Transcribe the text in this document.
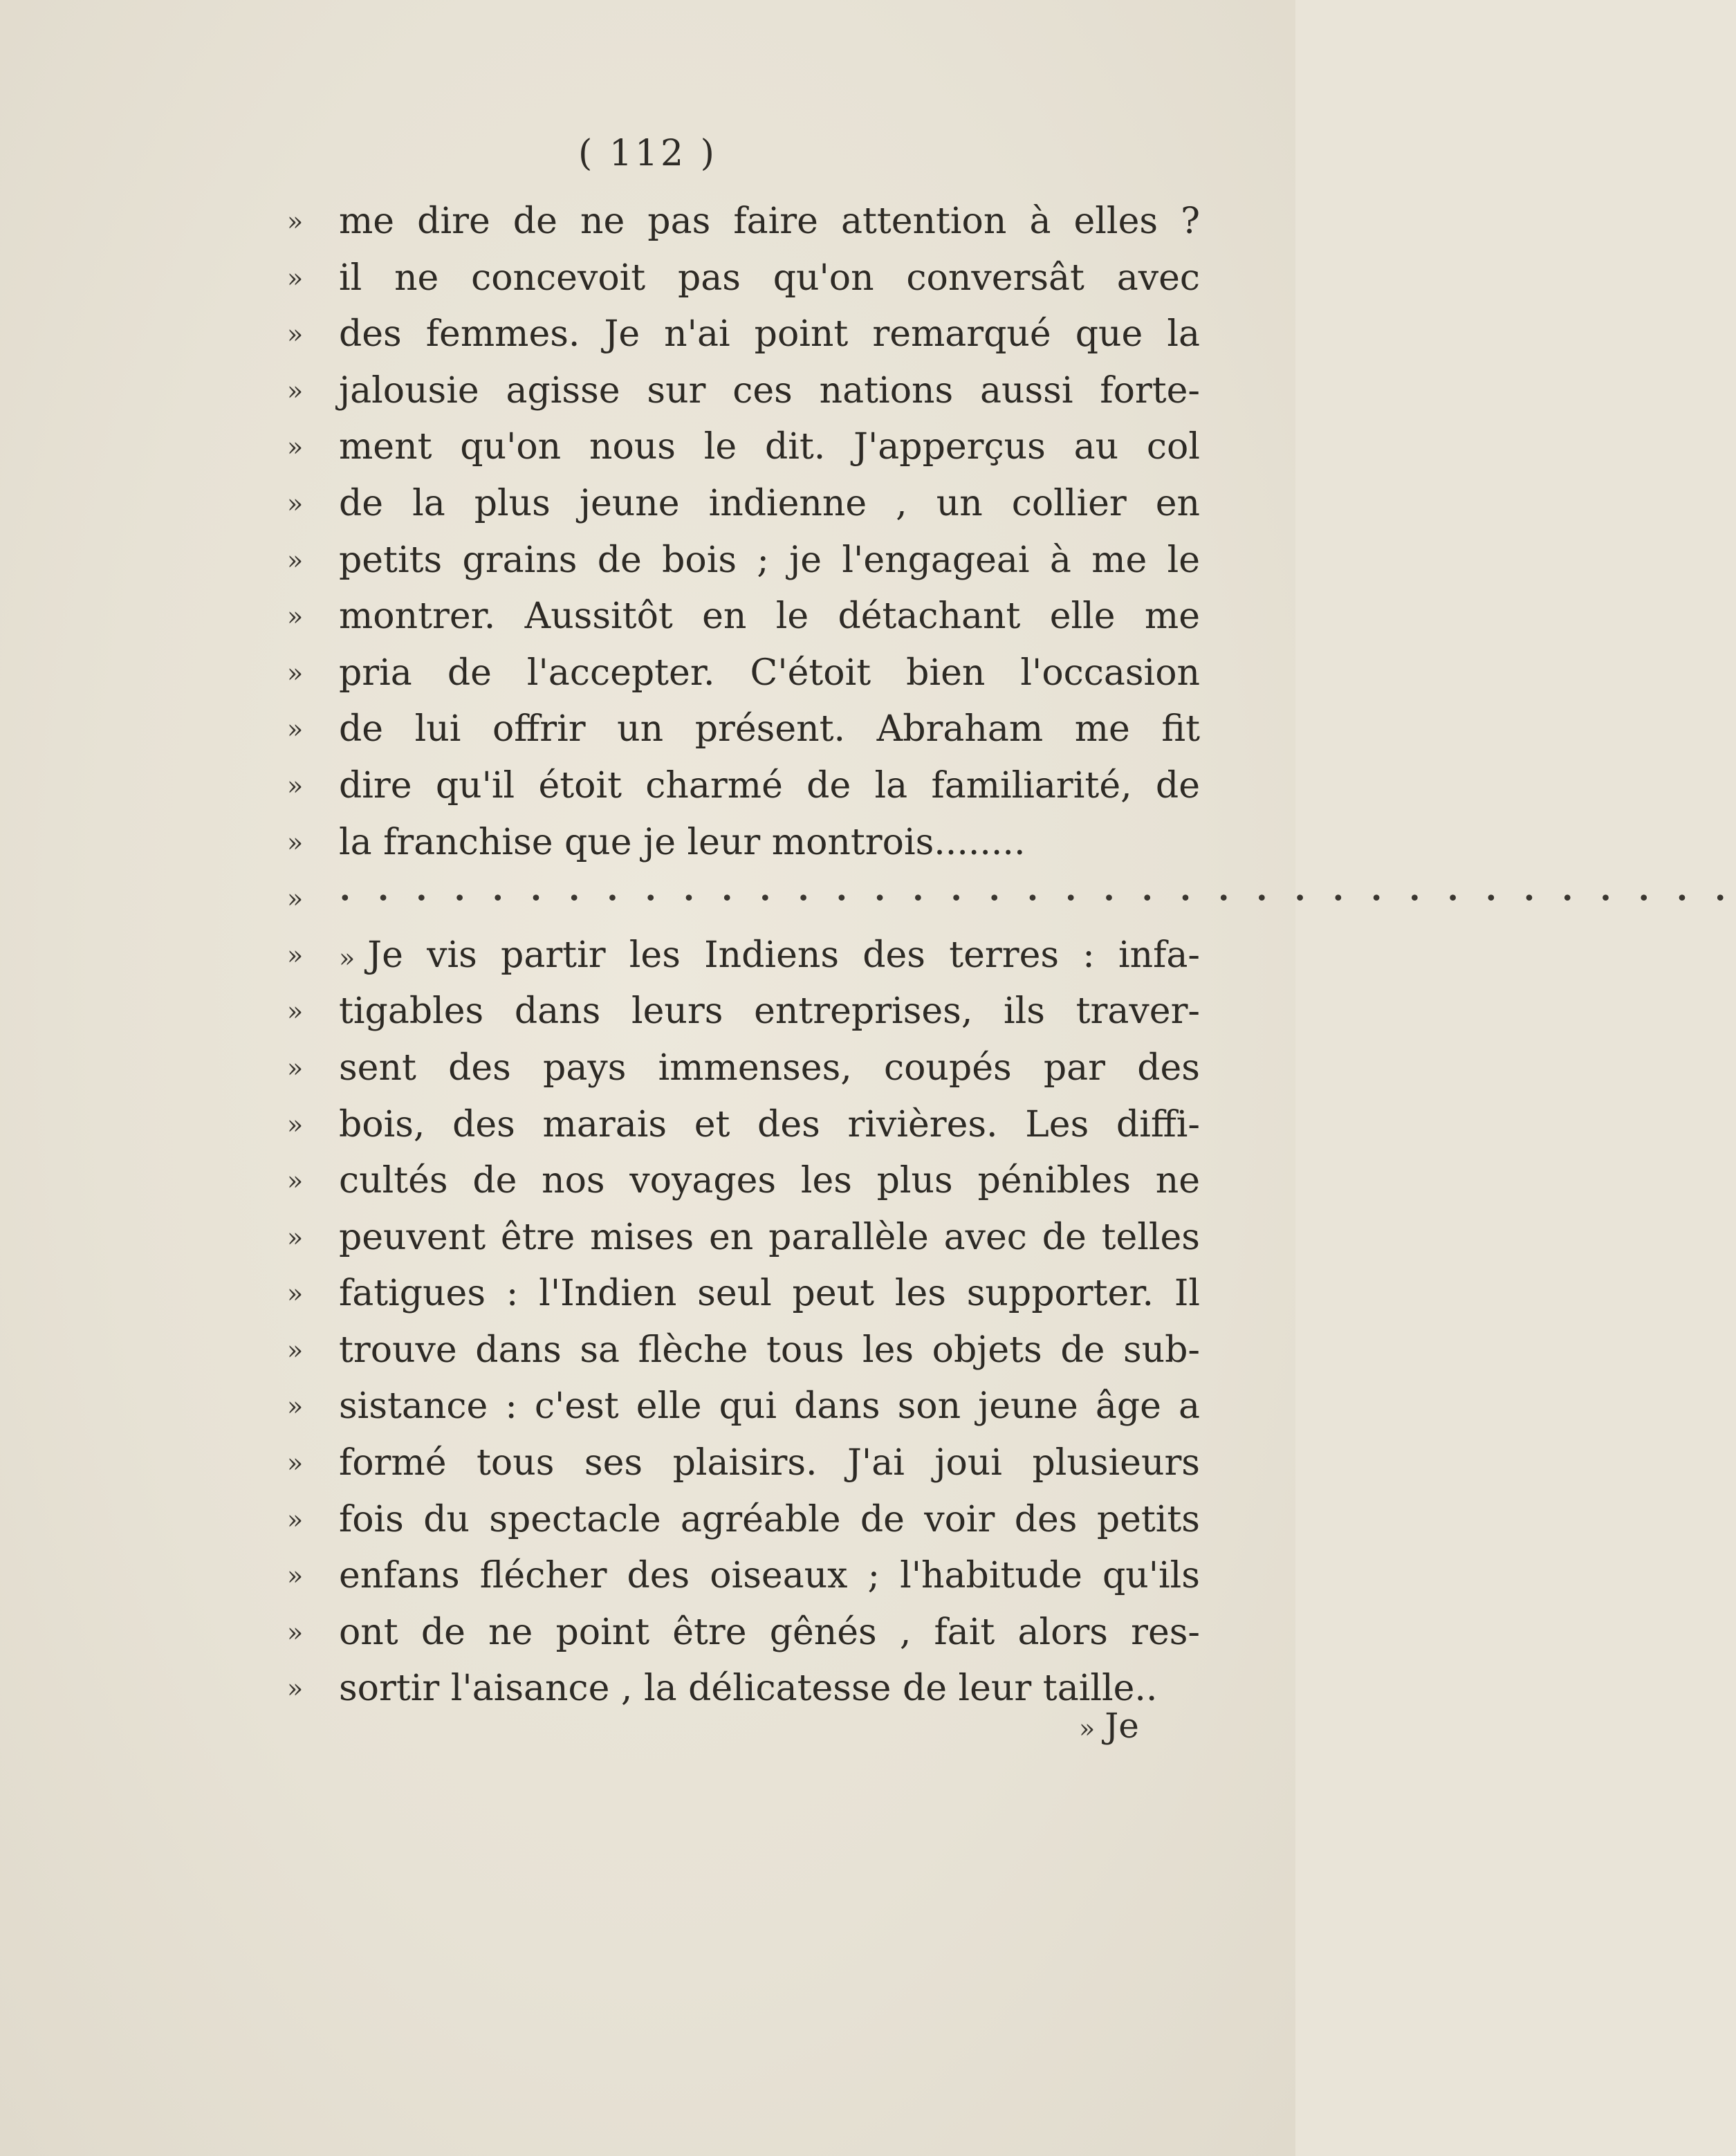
( 112 )
» me dire de ne pas faire attention à elles ?
» il ne concevoit pas qu'on conversât avec
» des femmes. Je n'ai point remarqué que la
» jalousie agisse sur ces nations aussi forte-
» ment qu'on nous le dit. J'apperçus au col
» de la plus jeune indienne , un collier en
» petits grains de bois ; je l'engageai à me le
» montrer. Aussitôt en le détachant elle me
» pria de l'accepter. C'étoit bien l'occasion
» de lui offrir un présent. Abraham me fit
» dire qu'il étoit charmé de la familiarité, de
» la franchise que je leur montrois........
»	• • • • • • • • • • • • • • • • • • • • • • • • • • • • • • • • • • • • •
»	» Je vis partir les Indiens des terres : infa-
» tigables dans leurs entreprises, ils traver-
» sent des pays immenses, coupés par des
» bois, des marais et des rivières. Les diffi-
» cultés de nos voyages les plus pénibles ne
» peuvent être mises en parallèle avec de telles
» fatigues : l'Indien seul peut les supporter. Il
» trouve dans sa flèche tous les objets de sub-
» sistance : c'est elle qui dans son jeune âge a
» formé tous ses plaisirs. J'ai joui plusieurs
» fois du spectacle agréable de voir des petits
» enfans flécher des oiseaux ; l'habitude qu'ils
» ont de ne point être gênés , fait alors res-
» sortir l'aisance , la délicatesse de leur taille..
» Je
